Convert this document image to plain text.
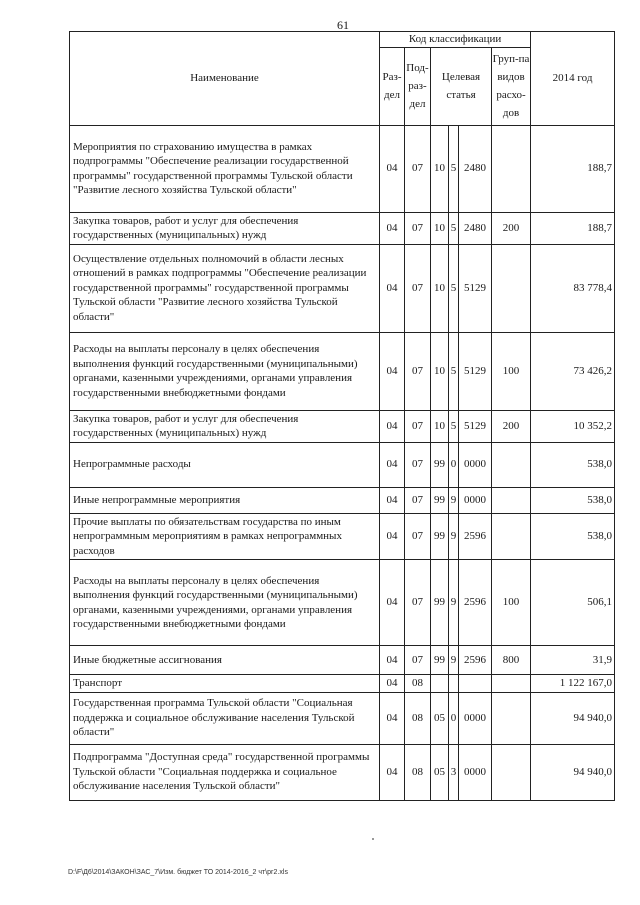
61
Наименование	Код классификации						2014 год
	Раз-дел	Под-раз-дел	Целевая статья			Груп-па видов расхо-дов	
Мероприятия по страхованию имущества в рамках подпрограммы "Обеспечение реализации государственной программы" государственной программы Тульской области "Развитие лесного хозяйства Тульской области"	04	07	10	5	2480		188,7
Закупка товаров, работ и услуг для обеспечения государственных (муниципальных) нужд	04	07	10	5	2480	200	188,7
Осуществление отдельных полномочий в области лесных отношений в рамках подпрограммы "Обеспечение реализации государственной программы" государственной программы Тульской области "Развитие лесного хозяйства Тульской области"	04	07	10	5	5129		83 778,4
Расходы на выплаты персоналу в целях обеспечения выполнения функций государственными (муниципальными) органами, казенными учреждениями, органами управления государственными внебюджетными фондами	04	07	10	5	5129	100	73 426,2
Закупка товаров, работ и услуг для обеспечения государственных (муниципальных) нужд	04	07	10	5	5129	200	10 352,2
Непрограммные расходы	04	07	99	0	0000		538,0
Иные непрограммные мероприятия	04	07	99	9	0000		538,0
Прочие выплаты по обязательствам государства по иным непрограммным мероприятиям в рамках непрограммных расходов	04	07	99	9	2596		538,0
Расходы на выплаты персоналу в целях обеспечения выполнения функций государственными (муниципальными) органами, казенными учреждениями, органами управления государственными внебюджетными фондами	04	07	99	9	2596	100	506,1
Иные бюджетные ассигнования	04	07	99	9	2596	800	31,9
Транспорт	04	08					1 122 167,0
Государственная программа Тульской области "Социальная поддержка и социальное обслуживание населения Тульской области"	04	08	05	0	0000		94 940,0
Подпрограмма "Доступная среда" государственной программы Тульской области "Социальная поддержка и социальное обслуживание населения Тульской области"	04	08	05	3	0000		94 940,0
D:\F\Д6\2014\ЗАКОН\ЗАС_7\Изм. бюджет ТО 2014-2016_2 чт\рг2.xls
